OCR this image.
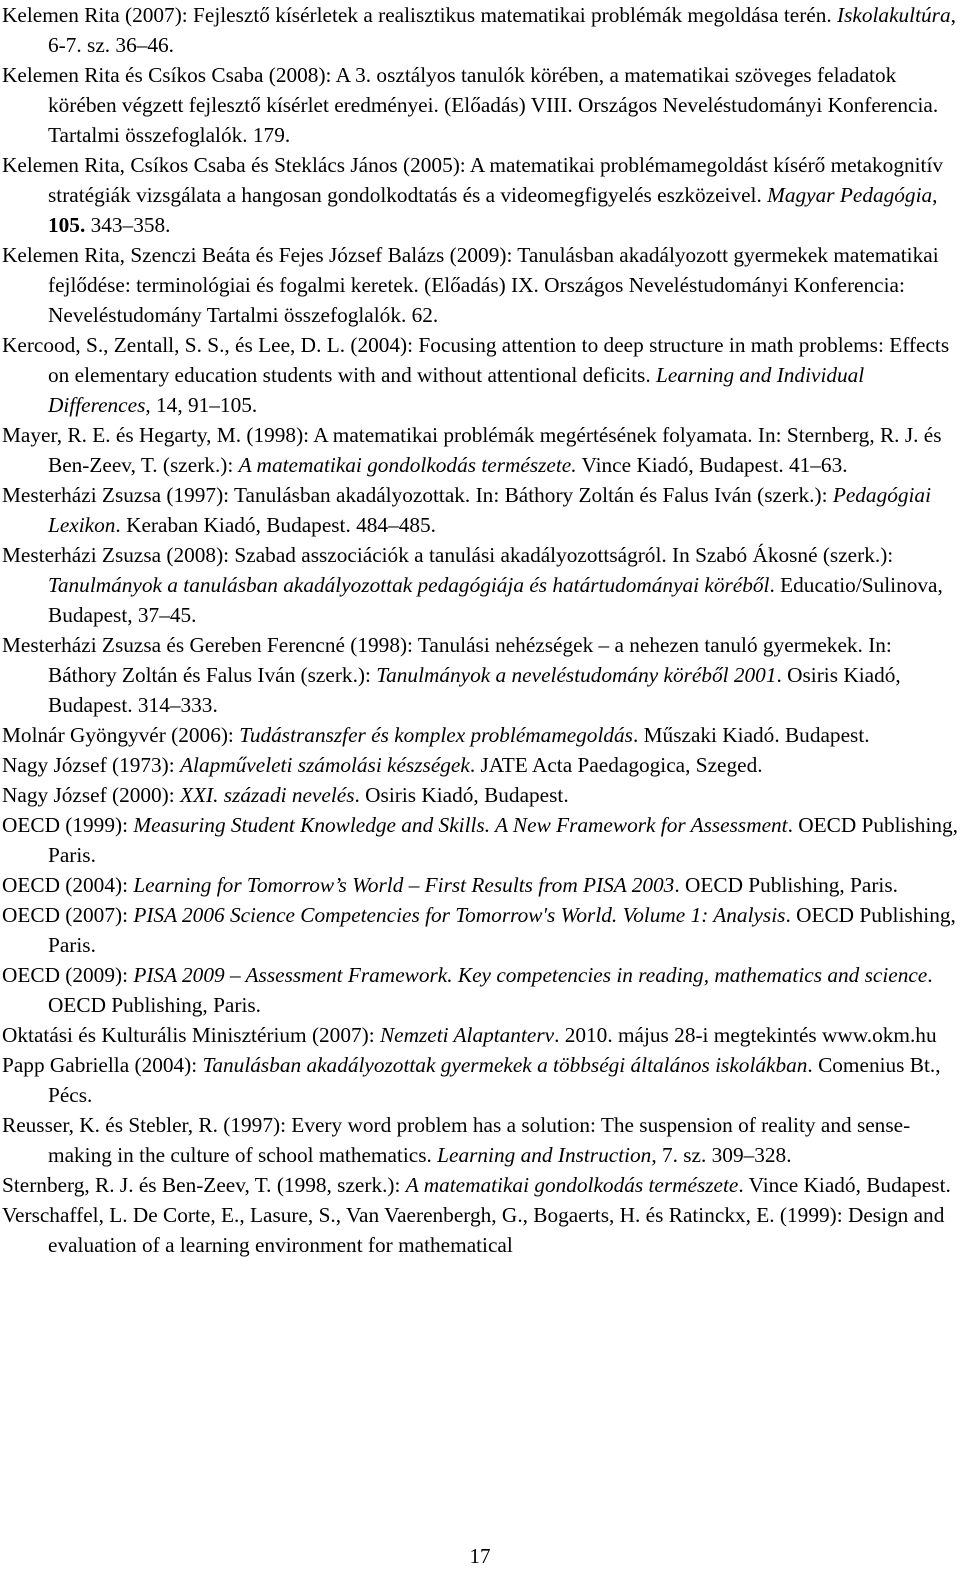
Kelemen Rita (2007): Fejlesztő kísérletek a realisztikus matematikai problémák megoldása terén. Iskolakultúra, 6-7. sz. 36–46.

Kelemen Rita és Csíkos Csaba (2008): A 3. osztályos tanulók körében, a matematikai szöveges feladatok körében végzett fejlesztő kísérlet eredményei. (Előadás) VIII. Országos Neveléstudományi Konferencia. Tartalmi összefoglalók. 179.

Kelemen Rita, Csíkos Csaba és Steklács János (2005): A matematikai problémamegoldást kísérő metakognitív stratégiák vizsgálata a hangosan gondolkodtatás és a videomegfigyelés eszközeivel. Magyar Pedagógia, 105. 343–358.

Kelemen Rita, Szenczi Beáta és Fejes József Balázs (2009): Tanulásban akadályozott gyermekek matematikai fejlődése: terminológiai és fogalmi keretek. (Előadás) IX. Országos Neveléstudományi Konferencia: Neveléstudomány Tartalmi összefoglalók. 62.

Kercood, S., Zentall, S. S., és Lee, D. L. (2004): Focusing attention to deep structure in math problems: Effects on elementary education students with and without attentional deficits. Learning and Individual Differences, 14, 91–105.

Mayer, R. E. és Hegarty, M. (1998): A matematikai problémák megértésének folyamata. In: Sternberg, R. J. és Ben-Zeev, T. (szerk.): A matematikai gondolkodás természete. Vince Kiadó, Budapest. 41–63.

Mesterházi Zsuzsa (1997): Tanulásban akadályozottak. In: Báthory Zoltán és Falus Iván (szerk.): Pedagógiai Lexikon. Keraban Kiadó, Budapest. 484–485.

Mesterházi Zsuzsa (2008): Szabad asszociációk a tanulási akadályozottságról. In Szabó Ákosné (szerk.): Tanulmányok a tanulásban akadályozottak pedagógiája és határtudományai köréből. Educatio/Sulinova, Budapest, 37–45.

Mesterházi Zsuzsa és Gereben Ferencné (1998): Tanulási nehézségek – a nehezen tanuló gyermekek. In: Báthory Zoltán és Falus Iván (szerk.): Tanulmányok a neveléstudomány köréből 2001. Osiris Kiadó, Budapest. 314–333.

Molnár Gyöngyvér (2006): Tudástranszfer és komplex problémamegoldás. Műszaki Kiadó. Budapest.

Nagy József (1973): Alapműveleti számolási készségek. JATE Acta Paedagogica, Szeged.

Nagy József (2000): XXI. századi nevelés. Osiris Kiadó, Budapest.

OECD (1999): Measuring Student Knowledge and Skills. A New Framework for Assessment. OECD Publishing, Paris.

OECD (2004): Learning for Tomorrow’s World – First Results from PISA 2003. OECD Publishing, Paris.

OECD (2007): PISA 2006 Science Competencies for Tomorrow's World. Volume 1: Analysis. OECD Publishing, Paris.

OECD (2009): PISA 2009 – Assessment Framework. Key competencies in reading, mathematics and science. OECD Publishing, Paris.

Oktatási és Kulturális Minisztérium (2007): Nemzeti Alaptanterv. 2010. május 28-i megtekintés www.okm.hu

Papp Gabriella (2004): Tanulásban akadályozottak gyermekek a többségi általános iskolákban. Comenius Bt., Pécs.

Reusser, K. és Stebler, R. (1997): Every word problem has a solution: The suspension of reality and sense-making in the culture of school mathematics. Learning and Instruction, 7. sz. 309–328.

Sternberg, R. J. és Ben-Zeev, T. (1998, szerk.): A matematikai gondolkodás természete. Vince Kiadó, Budapest.

Verschaffel, L. De Corte, E., Lasure, S., Van Vaerenbergh, G., Bogaerts, H. és Ratinckx, E. (1999): Design and evaluation of a learning environment for mathematical

17
